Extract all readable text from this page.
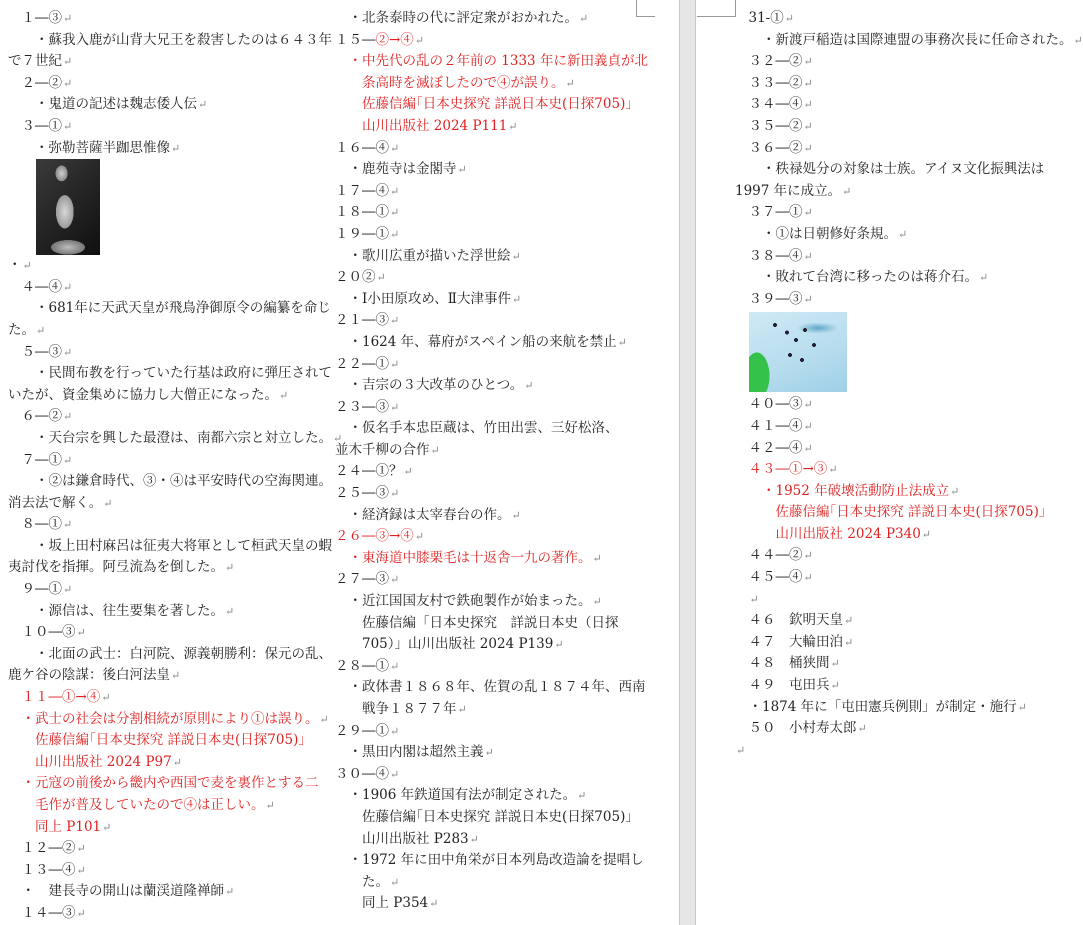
　１―③↵
　　・蘇我入鹿が山背大兄王を殺害したのは６４３年
で７世紀↵
　２―②↵
　　・鬼道の記述は魏志倭人伝↵
　３―①↵
　　・弥勒菩薩半跏思惟像↵
・↵
　４―④↵
　　・681年に天武天皇が飛鳥浄御原令の編纂を命じ
た。↵
　５―③↵
　　・民間布教を行っていた行基は政府に弾圧されて
いたが、資金集めに協力し大僧正になった。↵
　６―②↵
　　・天台宗を興した最澄は、南都六宗と対立した。↵
　７―①↵
　　・②は鎌倉時代、③・④は平安時代の空海関連。
消去法で解く。↵
　８―①↵
　　・坂上田村麻呂は征夷大将軍として桓武天皇の蝦
夷討伐を指揮。阿弖流為を倒した。↵
　９―①↵
　　・源信は、往生要集を著した。↵
　１０―③↵
　　・北面の武士：白河院、源義朝勝利：保元の乱、
鹿ケ谷の陰謀：後白河法皇↵
　１１―①→④↵
　・武士の社会は分割相続が原則により①は誤り。↵
　　佐藤信編｢日本史探究 詳説日本史(日探705)｣
　　山川出版社 2024 P97↵
　・元寇の前後から畿内や西国で麦を裏作とする二
　　毛作が普及していたので④は正しい。↵
　　同上 P101↵
　１２―②↵
　１３―④↵
　・　建長寺の開山は蘭渓道隆禅師↵
　１４―③↵
　・北条泰時の代に評定衆がおかれた。↵
１５―②→④↵
　・中先代の乱の２年前の 1333 年に新田義貞が北
　　条高時を滅ぼしたので④が誤り。↵
　　佐藤信編｢日本史探究 詳説日本史(日探705)｣
　　山川出版社 2024 P111↵
１６―④↵
　・鹿苑寺は金閣寺↵
１７―④↵
１８―①↵
１９―①↵
　・歌川広重が描いた浮世絵↵
２０②↵
　・Ⅰ小田原攻め、Ⅱ大津事件↵
２１―③↵
　・1624 年、幕府がスペイン船の来航を禁止↵
２２―①↵
　・吉宗の３大改革のひとつ。↵
２３―③↵
　・仮名手本忠臣蔵は、竹田出雲、三好松洛、
並木千柳の合作↵
２４―①？↵
２５―③↵
　・経済録は太宰春台の作。↵
２６―③→④↵
　・東海道中膝栗毛は十返舎一九の著作。↵
２７―③↵
　・近江国国友村で鉄砲製作が始まった。↵
　　佐藤信編「日本史探究　詳説日本史（日探
　　705）」山川出版社 2024 P139↵
２８―①↵
　・政体書１８６８年、佐賀の乱１８７４年、西南
　　戦争１８７７年↵
２９―①↵
　・黒田内閣は超然主義↵
３０―④↵
　・1906 年鉄道国有法が制定された。↵
　　佐藤信編｢日本史探究 詳説日本史(日探705)｣
　　山川出版社 P283↵
　・1972 年に田中角栄が日本列島改造論を提唱し
　　た。↵
　　同上 P354↵
　31-①↵
　　・新渡戸稲造は国際連盟の事務次長に任命された。↵
　３２―②↵
　３３―②↵
　３４―④↵
　３５―②↵
　３６―②↵
　　・秩禄処分の対象は士族。アイヌ文化振興法は
1997 年に成立。↵
　３７―①↵
　　・①は日朝修好条規。↵
　３８―④↵
　　・敗れて台湾に移ったのは蒋介石。↵
　３９―③↵
　４０―③↵
　４１―④↵
　４２―④↵
　４３―①→③↵
　　・1952 年破壊活動防止法成立↵
　　　佐藤信編｢日本史探究 詳説日本史(日探705)｣
　　　山川出版社 2024 P340↵
　４４―②↵
　４５―④↵
　↵
　４６　欽明天皇↵
　４７　大輪田泊↵
　４８　桶狭間↵
　４９　屯田兵↵
　・1874 年に「屯田憲兵例則」が制定・施行↵
　５０　小村寿太郎↵
↵
